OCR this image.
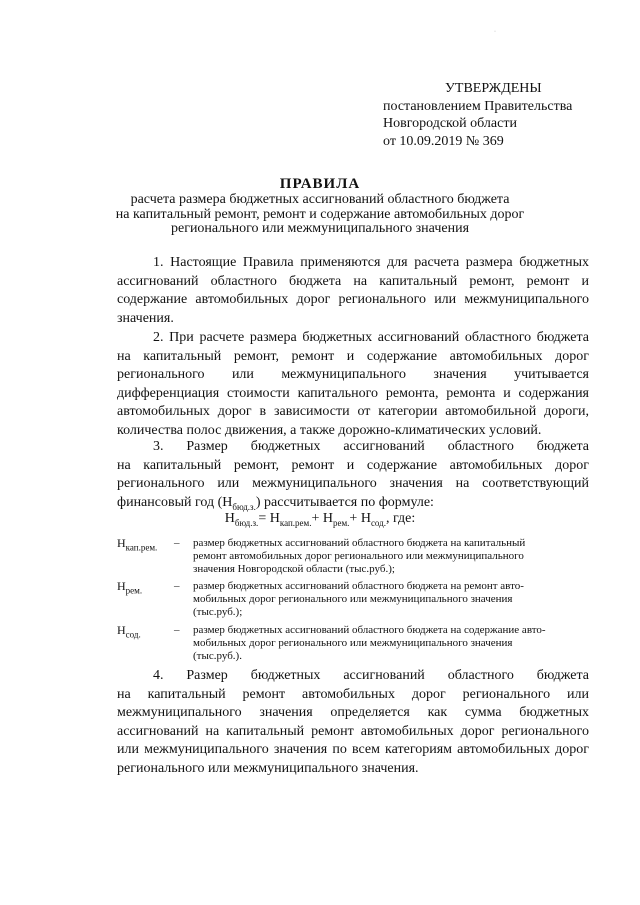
·
УТВЕРЖДЕНЫ
постановлением Правительства
Новгородской области
от 10.09.2019 № 369
ПРАВИЛА
расчета размера бюджетных ассигнований областного бюджета
на капитальный ремонт, ремонт и содержание автомобильных дорог
регионального или межмуниципального значения
1. Настоящие Правила применяются для расчета размера бюджетных
ассигнований областного бюджета на капитальный ремонт, ремонт и
содержание автомобильных дорог регионального или межмуниципального
значения.
2. При расчете размера бюджетных ассигнований областного бюджета
на капитальный ремонт, ремонт и содержание автомобильных дорог
регионального или межмуниципального значения учитывается
дифференциация стоимости капитального ремонта, ремонта и содержания
автомобильных дорог в зависимости от категории автомобильной дороги,
количества полос движения, а также дорожно-климатических условий.
3. Размер бюджетных ассигнований областного бюджета
на капитальный ремонт, ремонт и содержание автомобильных дорог
регионального или межмуниципального значения на соответствующий
финансовый год $(Н_{бюд.з.})$ рассчитывается по формуле:
$Н_{бюд.з.}= Н_{кап.рем.}+ Н_{рем.}+ Н_{сод.}$, где:
$Н_{кап.рем.}$ – размер бюджетных ассигнований областного бюджета на капитальный
ремонт автомобильных дорог регионального или межмуниципального
значения Новгородской области (тыс.руб.);
$Н_{рем.}$	– размер бюджетных ассигнований областного бюджета на ремонт авто-
мобильных дорог регионального или межмуниципального значения
(тыс.руб.);
$Н_{сод.}$	– размер бюджетных ассигнований областного бюджета на содержание авто-
мобильных дорог регионального или межмуниципального значения
(тыс.руб.).
4. Размер бюджетных ассигнований областного бюджета
на капитальный ремонт автомобильных дорог регионального или
межмуниципального значения определяется как сумма бюджетных
ассигнований на капитальный ремонт автомобильных дорог регионального
или межмуниципального значения по всем категориям автомобильных дорог
регионального или межмуниципального значения.
